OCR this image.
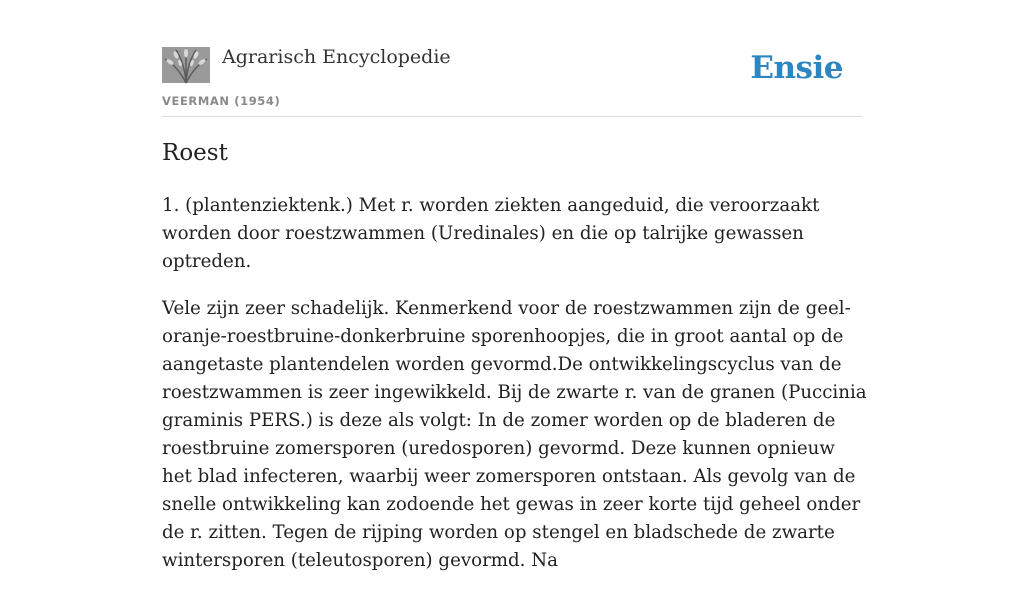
Agrarisch Encyclopedie
VEERMAN (1954)
Ensie
Roest

1. (plantenziektenk.) Met r. worden ziekten aangeduid, die veroorzaakt worden door roestzwammen (Uredinales) en die op talrijke gewassen optreden.

Vele zijn zeer schadelijk. Kenmerkend voor de roestzwammen zijn de geel-oranje-roestbruine-donkerbruine sporenhoopjes, die in groot aantal op de aangetaste plantendelen worden gevormd.De ontwikkelingscyclus van de roestzwammen is zeer ingewikkeld. Bij de zwarte r. van de granen (Puccinia graminis PERS.) is deze als volgt: In de zomer worden op de bladeren de roestbruine zomersporen (uredosporen) gevormd. Deze kunnen opnieuw het blad infecteren, waarbij weer zomersporen ontstaan. Als gevolg van de snelle ontwikkeling kan zodoende het gewas in zeer korte tijd geheel onder de r. zitten. Tegen de rijping worden op stengel en bladschede de zwarte wintersporen (teleutosporen) gevormd. Na
